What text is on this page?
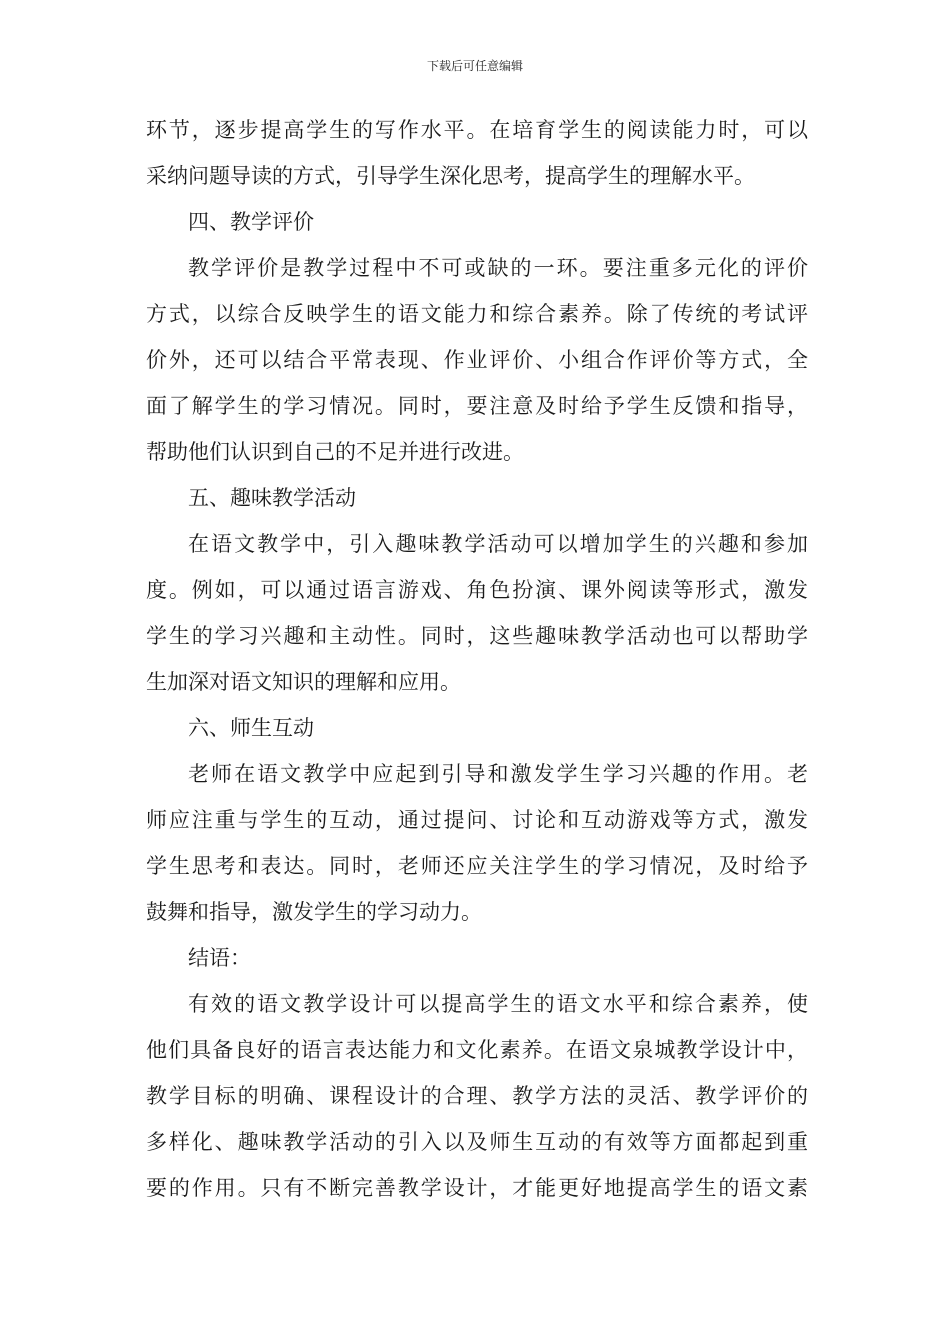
下载后可任意编辑
环节，逐步提高学生的写作水平。在培育学生的阅读能力时，可以
采纳问题导读的方式，引导学生深化思考，提高学生的理解水平。
四、教学评价
教学评价是教学过程中不可或缺的一环。要注重多元化的评价
方式，以综合反映学生的语文能力和综合素养。除了传统的考试评
价外，还可以结合平常表现、作业评价、小组合作评价等方式，全
面了解学生的学习情况。同时，要注意及时给予学生反馈和指导，
帮助他们认识到自己的不足并进行改进。
五、趣味教学活动
在语文教学中，引入趣味教学活动可以增加学生的兴趣和参加
度。例如，可以通过语言游戏、角色扮演、课外阅读等形式，激发
学生的学习兴趣和主动性。同时，这些趣味教学活动也可以帮助学
生加深对语文知识的理解和应用。
六、师生互动
老师在语文教学中应起到引导和激发学生学习兴趣的作用。老
师应注重与学生的互动，通过提问、讨论和互动游戏等方式，激发
学生思考和表达。同时，老师还应关注学生的学习情况，及时给予
鼓舞和指导，激发学生的学习动力。
结语：
有效的语文教学设计可以提高学生的语文水平和综合素养，使
他们具备良好的语言表达能力和文化素养。在语文泉城教学设计中，
教学目标的明确、课程设计的合理、教学方法的灵活、教学评价的
多样化、趣味教学活动的引入以及师生互动的有效等方面都起到重
要的作用。只有不断完善教学设计，才能更好地提高学生的语文素
